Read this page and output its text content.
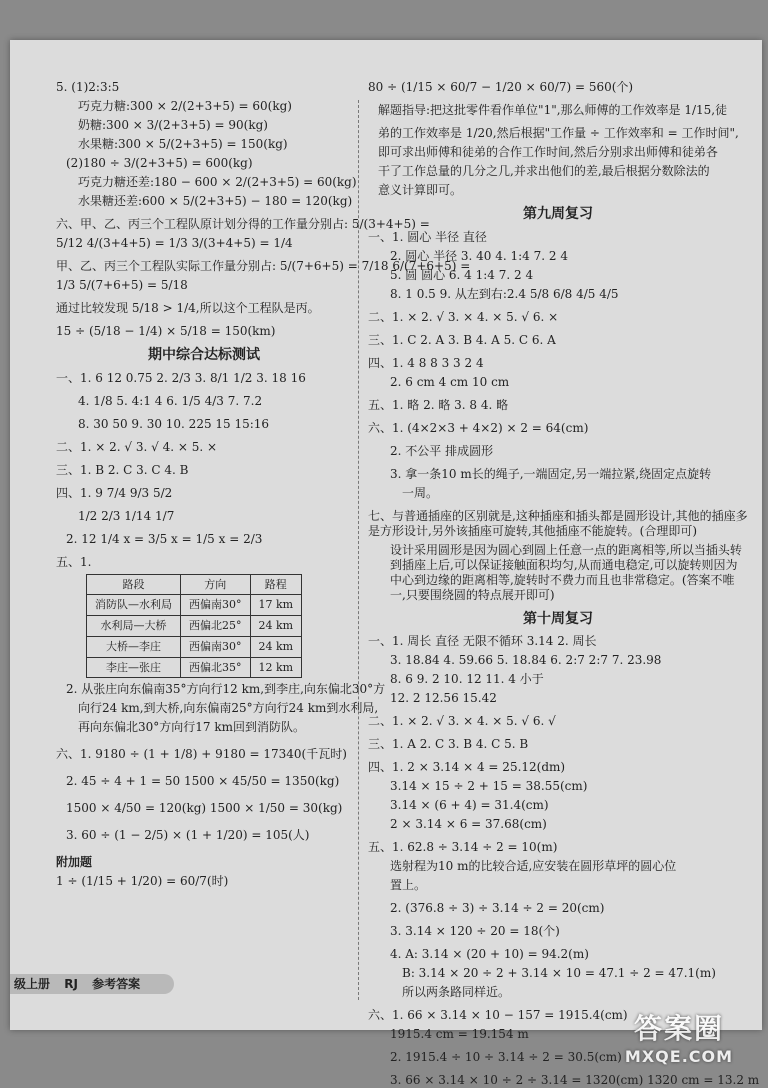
5. (1)2:3:5

巧克力糖:300 × 2/(2+3+5) = 60(kg)

奶糖:300 × 3/(2+3+5) = 90(kg)

水果糖:300 × 5/(2+3+5) = 150(kg)

(2)180 ÷ 3/(2+3+5) = 600(kg)

巧克力糖还差:180 − 600 × 2/(2+3+5) = 60(kg)

水果糖还差:600 × 5/(2+3+5) − 180 = 120(kg)

六、甲、乙、丙三个工程队原计划分得的工作量分别占: 5/(3+4+5) =

5/12 4/(3+4+5) = 1/3 3/(3+4+5) = 1/4

甲、乙、丙三个工程队实际工作量分别占: 5/(7+6+5) = 7/18 6/(7+6+5) =

1/3 5/(7+6+5) = 5/18

通过比较发现 5/18 > 1/4,所以这个工程队是丙。

15 ÷ (5/18 − 1/4) × 5/18 = 150(km)

期中综合达标测试

一、1. 6 12 0.75 2. 2/3 3. 8/1 1/2 3. 18 16

4. 1/8 5. 4:1 4 6. 1/5 4/3 7. 7.2

8. 30 50 9. 30 10. 225 15 15:16

二、1. × 2. √ 3. √ 4. × 5. ×

三、1. B 2. C 3. C 4. B

四、1. 9 7/4 9/3 5/2

1/2 2/3 1/14 1/7

2. 12 1/4 x = 3/5 x = 1/5 x = 2/3

五、1.

路段	方向	路程
消防队—水利局	西偏南30°	17 km
水利局—大桥	西偏北25°	24 km
大桥—李庄	西偏南30°	24 km
李庄—张庄	西偏北35°	12 km

2. 从张庄向东偏南35°方向行12 km,到李庄,向东偏北30°方

向行24 km,到大桥,向东偏南25°方向行24 km到水利局,

再向东偏北30°方向行17 km回到消防队。

六、1. 9180 ÷ (1 + 1/8) + 9180 = 17340(千瓦时)

2. 45 ÷ 4 + 1 = 50 1500 × 45/50 = 1350(kg)

1500 × 4/50 = 120(kg) 1500 × 1/50 = 30(kg)

3. 60 ÷ (1 − 2/5) × (1 + 1/20) = 105(人)

附加题

1 ÷ (1/15 + 1/20) = 60/7(时)

80 ÷ (1/15 × 60/7 − 1/20 × 60/7) = 560(个)

解题指导:把这批零件看作单位"1",那么师傅的工作效率是 1/15,徒

弟的工作效率是 1/20,然后根据"工作量 ÷ 工作效率和 = 工作时间",

即可求出师傅和徒弟的合作工作时间,然后分别求出师傅和徒弟各

干了工作总量的几分之几,并求出他们的差,最后根据分数除法的

意义计算即可。

第九周复习

一、1. 圆心 半径 直径

2. 圆心 半径 3. 40 4. 1:4 7. 2 4

5. 圆 圆心 6. 4 1:4 7. 2 4

8. 1 0.5 9. 从左到右:2.4 5/8 6/8 4/5 4/5

二、1. × 2. √ 3. × 4. × 5. √ 6. ×

三、1. C 2. A 3. B 4. A 5. C 6. A

四、1. 4 8 8 3 3 2 4

2. 6 cm 4 cm 10 cm

五、1. 略 2. 略 3. 8 4. 略

六、1. (4×2×3 + 4×2) × 2 = 64(cm)

2. 不公平 排成圆形

3. 拿一条10 m长的绳子,一端固定,另一端拉紧,绕固定点旋转

一周。

七、与普通插座的区别就是,这种插座和插头都是圆形设计,其他的插座多是方形设计,另外该插座可旋转,其他插座不能旋转。(合理即可)

设计采用圆形是因为圆心到圆上任意一点的距离相等,所以当插头转到插座上后,可以保证接触面积均匀,从而通电稳定,可以旋转则因为中心到边缘的距离相等,旋转时不费力而且也非常稳定。(答案不唯一,只要围绕圆的特点展开即可)

第十周复习

一、1. 周长 直径 无限不循环 3.14 2. 周长

3. 18.84 4. 59.66 5. 18.84 6. 2:7 2:7 7. 23.98

8. 6 9. 2 10. 12 11. 4 小于

12. 2 12.56 15.42

二、1. × 2. √ 3. × 4. × 5. √ 6. √

三、1. A 2. C 3. B 4. C 5. B

四、1. 2 × 3.14 × 4 = 25.12(dm)

3.14 × 15 ÷ 2 + 15 = 38.55(cm)

3.14 × (6 + 4) = 31.4(cm)

2 × 3.14 × 6 = 37.68(cm)

五、1. 62.8 ÷ 3.14 ÷ 2 = 10(m)

选射程为10 m的比较合适,应安装在圆形草坪的圆心位

置上。

2. (376.8 ÷ 3) ÷ 3.14 ÷ 2 = 20(cm)

3. 3.14 × 120 ÷ 20 = 18(个)

4. A: 3.14 × (20 + 10) = 94.2(m)

B: 3.14 × 20 ÷ 2 + 3.14 × 10 = 47.1 ÷ 2 = 47.1(m)

所以两条路同样近。

六、1. 66 × 3.14 × 10 − 157 = 1915.4(cm)

1915.4 cm = 19.154 m

2. 1915.4 ÷ 10 ÷ 3.14 ÷ 2 = 30.5(cm)

3. 66 × 3.14 × 10 ÷ 2 ÷ 3.14 = 1320(cm) 1320 cm = 13.2 m

级上册 RJ 参考答案
答案圈
MXQE.COM
